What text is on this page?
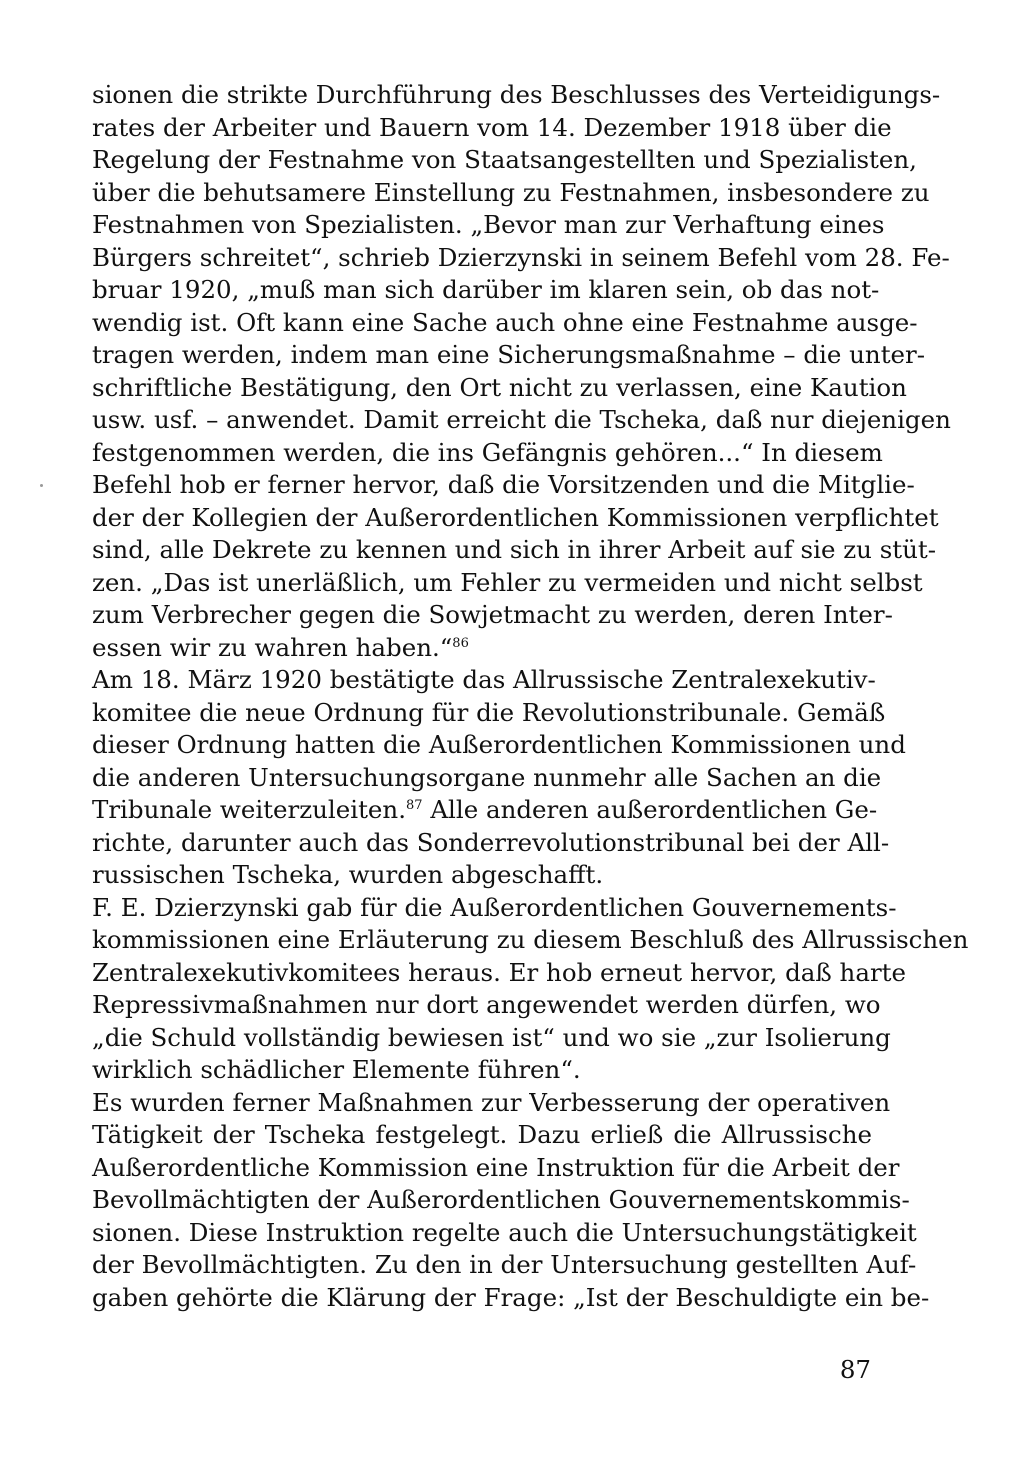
sionen die strikte Durchführung des Beschlusses des Verteidigungs-
rates der Arbeiter und Bauern vom 14. Dezember 1918 über die
Regelung der Festnahme von Staatsangestellten und Spezialisten,
über die behutsamere Einstellung zu Festnahmen, insbesondere zu
Festnahmen von Spezialisten. „Bevor man zur Verhaftung eines
Bürgers schreitet“, schrieb Dzierzynski in seinem Befehl vom 28. Fe-
bruar 1920, „muß man sich darüber im klaren sein, ob das not-
wendig ist. Oft kann eine Sache auch ohne eine Festnahme ausge-
tragen werden, indem man eine Sicherungsmaßnahme – die unter-
schriftliche Bestätigung, den Ort nicht zu verlassen, eine Kaution
usw. usf. – anwendet. Damit erreicht die Tscheka, daß nur diejenigen
festgenommen werden, die ins Gefängnis gehören...“ In diesem
Befehl hob er ferner hervor, daß die Vorsitzenden und die Mitglie-
der der Kollegien der Außerordentlichen Kommissionen verpflichtet
sind, alle Dekrete zu kennen und sich in ihrer Arbeit auf sie zu stüt-
zen. „Das ist unerläßlich, um Fehler zu vermeiden und nicht selbst
zum Verbrecher gegen die Sowjetmacht zu werden, deren Inter-
essen wir zu wahren haben.“$^{86}$
Am 18. März 1920 bestätigte das Allrussische Zentralexekutiv-
komitee die neue Ordnung für die Revolutionstribunale. Gemäß
dieser Ordnung hatten die Außerordentlichen Kommissionen und
die anderen Untersuchungsorgane nunmehr alle Sachen an die
Tribunale weiterzuleiten.$^{87}$ Alle anderen außerordentlichen Ge-
richte, darunter auch das Sonderrevolutionstribunal bei der All-
russischen Tscheka, wurden abgeschafft.
F. E. Dzierzynski gab für die Außerordentlichen Gouvernements-
kommissionen eine Erläuterung zu diesem Beschluß des Allrussischen
Zentralexekutivkomitees heraus. Er hob erneut hervor, daß harte
Repressivmaßnahmen nur dort angewendet werden dürfen, wo
„die Schuld vollständig bewiesen ist“ und wo sie „zur Isolierung
wirklich schädlicher Elemente führen“.
Es wurden ferner Maßnahmen zur Verbesserung der operativen
Tätigkeit der Tscheka festgelegt. Dazu erließ die Allrussische
Außerordentliche Kommission eine Instruktion für die Arbeit der
Bevollmächtigten der Außerordentlichen Gouvernementskommis-
sionen. Diese Instruktion regelte auch die Untersuchungstätigkeit
der Bevollmächtigten. Zu den in der Untersuchung gestellten Auf-
gaben gehörte die Klärung der Frage: „Ist der Beschuldigte ein be-
87
